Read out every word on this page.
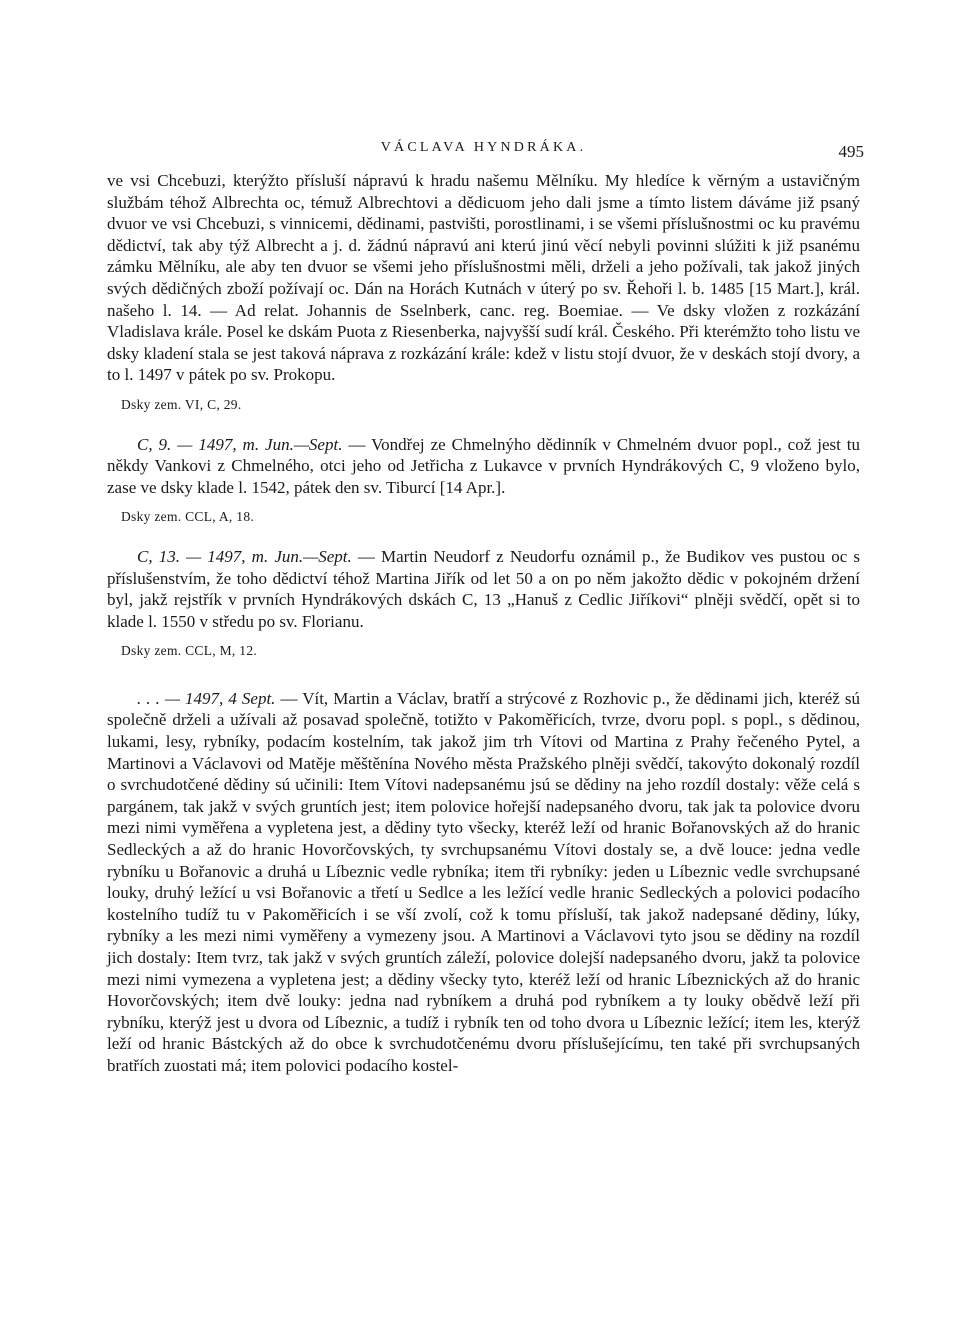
VÁCLAVA HYNDRÁKA.	495

ve vsi Chcebuzi, kterýžto přísluší nápravú k hradu našemu Mělníku. My hledíce k věrným a ustavičným službám téhož Albrechta oc, témuž Albrechtovi a dědicuom jeho dali jsme a tímto listem dáváme již psaný dvuor ve vsi Chcebuzi, s vinnicemi, dědinami, pastvišti, porostlinami, i se všemi příslušnostmi oc ku pravému dědictví, tak aby týž Albrecht a j. d. žádnú nápravú ani kterú jinú věcí nebyli povinni slúžiti k již psanému zámku Mělníku, ale aby ten dvuor se všemi jeho příslušnostmi měli, drželi a jeho požívali, tak jakož jiných svých dědičných zboží požívají oc. Dán na Horách Kutnách v úterý po sv. Řehoři l. b. 1485 [15 Mart.], král. našeho l. 14. — Ad relat. Johannis de Sselnberk, canc. reg. Boemiae. — Ve dsky vložen z rozkázání Vladislava krále. Posel ke dskám Puota z Riesenberka, najvyšší sudí král. Českého. Při kterémžto toho listu ve dsky kladení stala se jest taková náprava z rozkázání krále: kdež v listu stojí dvuor, že v deskách stojí dvory, a to l. 1497 v pátek po sv. Prokopu.

Dsky zem. VI, C, 29.

C, 9. — 1497, m. Jun.—Sept. — Vondřej ze Chmelnýho dědinník v Chmelném dvuor popl., což jest tu někdy Vankovi z Chmelného, otci jeho od Jetřicha z Lukavce v prvních Hyndrákových C, 9 vloženo bylo, zase ve dsky klade l. 1542, pátek den sv. Tiburcí [14 Apr.].

Dsky zem. CCL, A, 18.

C, 13. — 1497, m. Jun.—Sept. — Martin Neudorf z Neudorfu oznámil p., že Budikov ves pustou oc s příslušenstvím, že toho dědictví téhož Martina Jiřík od let 50 a on po něm jakožto dědic v pokojném držení byl, jakž rejstřík v prvních Hyndrákových dskách C, 13 „Hanuš z Cedlic Jiříkovi“ plněji svědčí, opět si to klade l. 1550 v středu po sv. Florianu.

Dsky zem. CCL, M, 12.

. . . — 1497, 4 Sept. — Vít, Martin a Václav, bratří a strýcové z Rozhovic p., že dědinami jich, kteréž sú společně drželi a užívali až posavad společně, totižto v Pakoměřicích, tvrze, dvoru popl. s popl., s dědinou, lukami, lesy, rybníky, podacím kostelním, tak jakož jim trh Vítovi od Martina z Prahy řečeného Pytel, a Martinovi a Václavovi od Matěje měštěnína Nového města Pražského plněji svědčí, takovýto dokonalý rozdíl o svrchudotčené dědiny sú učinili: Item Vítovi nadepsanému jsú se dědiny na jeho rozdíl dostaly: věže celá s pargánem, tak jakž v svých gruntích jest; item polovice hořejší nadepsaného dvoru, tak jak ta polovice dvoru mezi nimi vyměřena a vypletena jest, a dědiny tyto všecky, kteréž leží od hranic Bořanovských až do hranic Sedleckých a až do hranic Hovorčovských, ty svrchupsanému Vítovi dostaly se, a dvě louce: jedna vedle rybníku u Bořanovic a druhá u Líbeznic vedle rybníka; item tři rybníky: jeden u Líbeznic vedle svrchupsané louky, druhý ležící u vsi Bořanovic a třetí u Sedlce a les ležící vedle hranic Sedleckých a polovici podacího kostelního tudíž tu v Pakoměřicích i se vší zvolí, což k tomu přísluší, tak jakož nadepsané dědiny, lúky, rybníky a les mezi nimi vyměřeny a vymezeny jsou. A Martinovi a Václavovi tyto jsou se dědiny na rozdíl jich dostaly: Item tvrz, tak jakž v svých gruntích záleží, polovice dolejší nadepsaného dvoru, jakž ta polovice mezi nimi vymezena a vypletena jest; a dědiny všecky tyto, kteréž leží od hranic Líbeznických až do hranic Hovorčovských; item dvě louky: jedna nad rybníkem a druhá pod rybníkem a ty louky obědvě leží při rybníku, kterýž jest u dvora od Líbeznic, a tudíž i rybník ten od toho dvora u Líbeznic ležící; item les, kterýž leží od hranic Bástckých až do obce k svrchudotčenému dvoru příslušejícímu, ten také při svrchupsaných bratřích zuostati má; item polovici podacího kostel-
